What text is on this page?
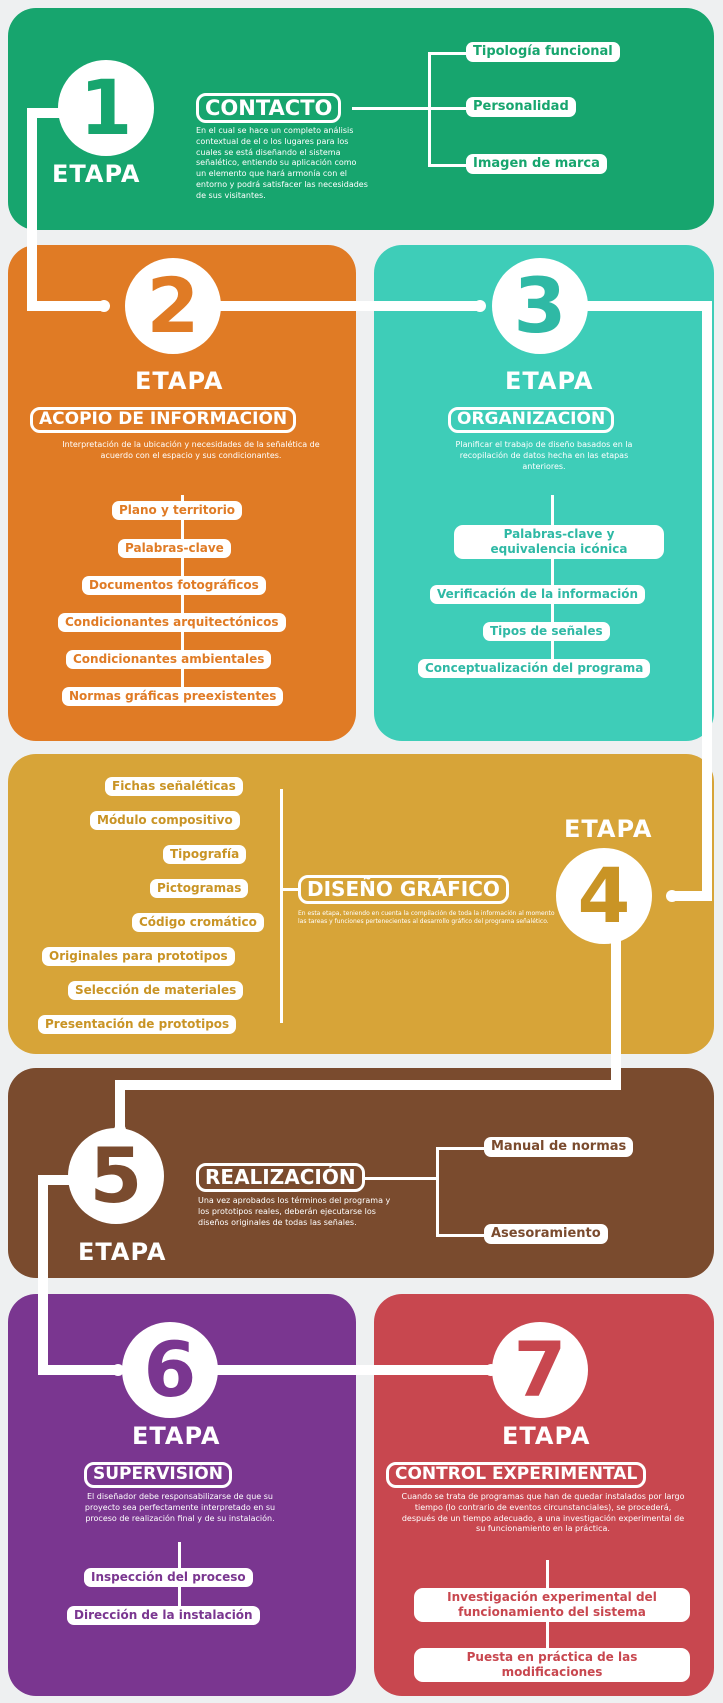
1
ETAPA
CONTACTO
En el cual se hace un completo análisis contextual de el o los lugares para los cuales se está diseñando el sistema señalético, entiendo su aplicación como un elemento que hará armonía con el entorno y podrá satisfacer las necesidades de sus visitantes.
Tipología funcional
Personalidad
Imagen de marca
2
ETAPA
ACOPIO DE INFORMACIÓN
Interpretación de la ubicación y necesidades de la señalética de acuerdo con el espacio y sus condicionantes.
Plano y territorio
Palabras-clave
Documentos fotográficos
Condicionantes arquitectónicos
Condicionantes ambientales
Normas gráficas preexistentes
3
ETAPA
ORGANIZACIÓN
Planificar el trabajo de diseño basados en la recopilación de datos hecha en las etapas anteriores.
Palabras-clave y equivalencia icónica
Verificación de la información
Tipos de señales
Conceptualización del programa
ETAPA
4
DISEÑO GRÁFICO
En esta etapa, teniendo en cuenta la compilación de toda la información al momento las tareas y funciones pertenecientes al desarrollo gráfico del programa señalético.
Fichas señaléticas
Módulo compositivo
Tipografía
Pictogramas
Código cromático
Originales para prototipos
Selección de materiales
Presentación de prototipos
5
ETAPA
REALIZACIÓN
Una vez aprobados los términos del programa y los prototipos reales, deberán ejecutarse los diseños originales de todas las señales.
Manual de normas
Asesoramiento
6
ETAPA
SUPERVISIÓN
El diseñador debe responsabilizarse de que su proyecto sea perfectamente interpretado en su proceso de realización final y de su instalación.
Inspección del proceso
Dirección de la instalación
7
ETAPA
CONTROL EXPERIMENTAL
Cuando se trata de programas que han de quedar instalados por largo tiempo (lo contrario de eventos circunstanciales), se procederá, después de un tiempo adecuado, a una investigación experimental de su funcionamiento en la práctica.
Investigación experimental del funcionamiento del sistema
Puesta en práctica de las modificaciones
